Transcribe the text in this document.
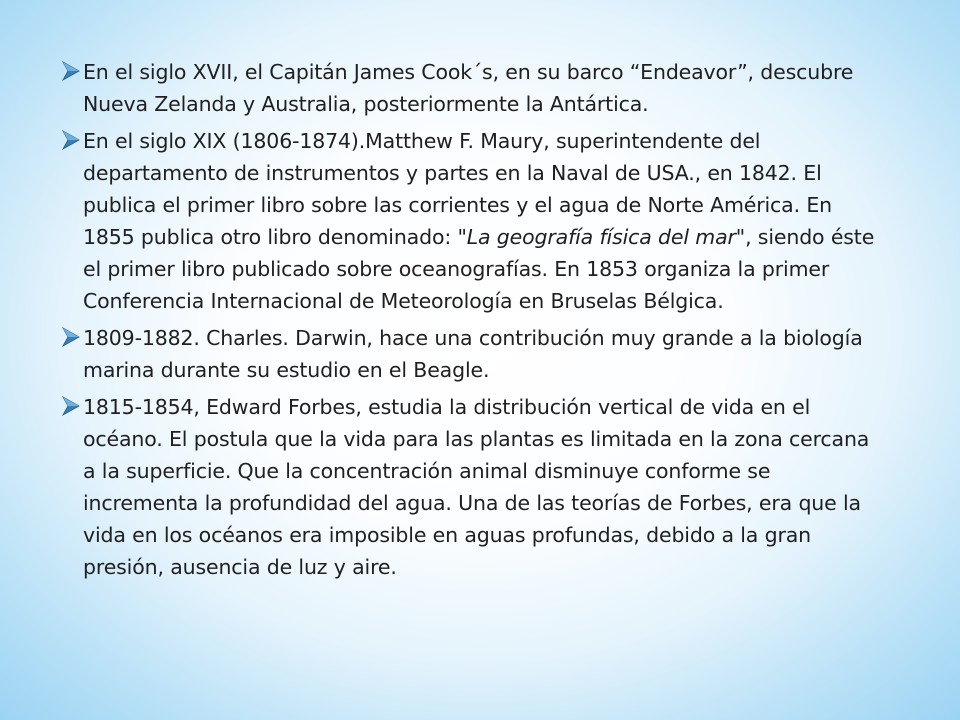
En el siglo XVII, el Capitán James Cook´s, en su barco “Endeavor”, descubre Nueva Zelanda y Australia, posteriormente la Antártica.
En el siglo XIX (1806-1874).Matthew F. Maury, superintendente del departamento de instrumentos y partes en la Naval de USA., en 1842. El publica el primer libro sobre las corrientes y el agua de Norte América. En 1855 publica otro libro denominado: "La geografía física del mar", siendo éste el primer libro publicado sobre oceanografías. En 1853 organiza la primer Conferencia Internacional de Meteorología en Bruselas Bélgica.
1809-1882. Charles. Darwin, hace una contribución muy grande a la biología marina durante su estudio en el Beagle.
1815-1854, Edward Forbes, estudia la distribución vertical de vida en el océano. El postula que la vida para las plantas es limitada en la zona cercana a la superficie. Que la concentración animal disminuye conforme se incrementa la profundidad del agua. Una de las teorías de Forbes, era que la vida en los océanos era imposible en aguas profundas, debido a la gran presión, ausencia de luz y aire.
